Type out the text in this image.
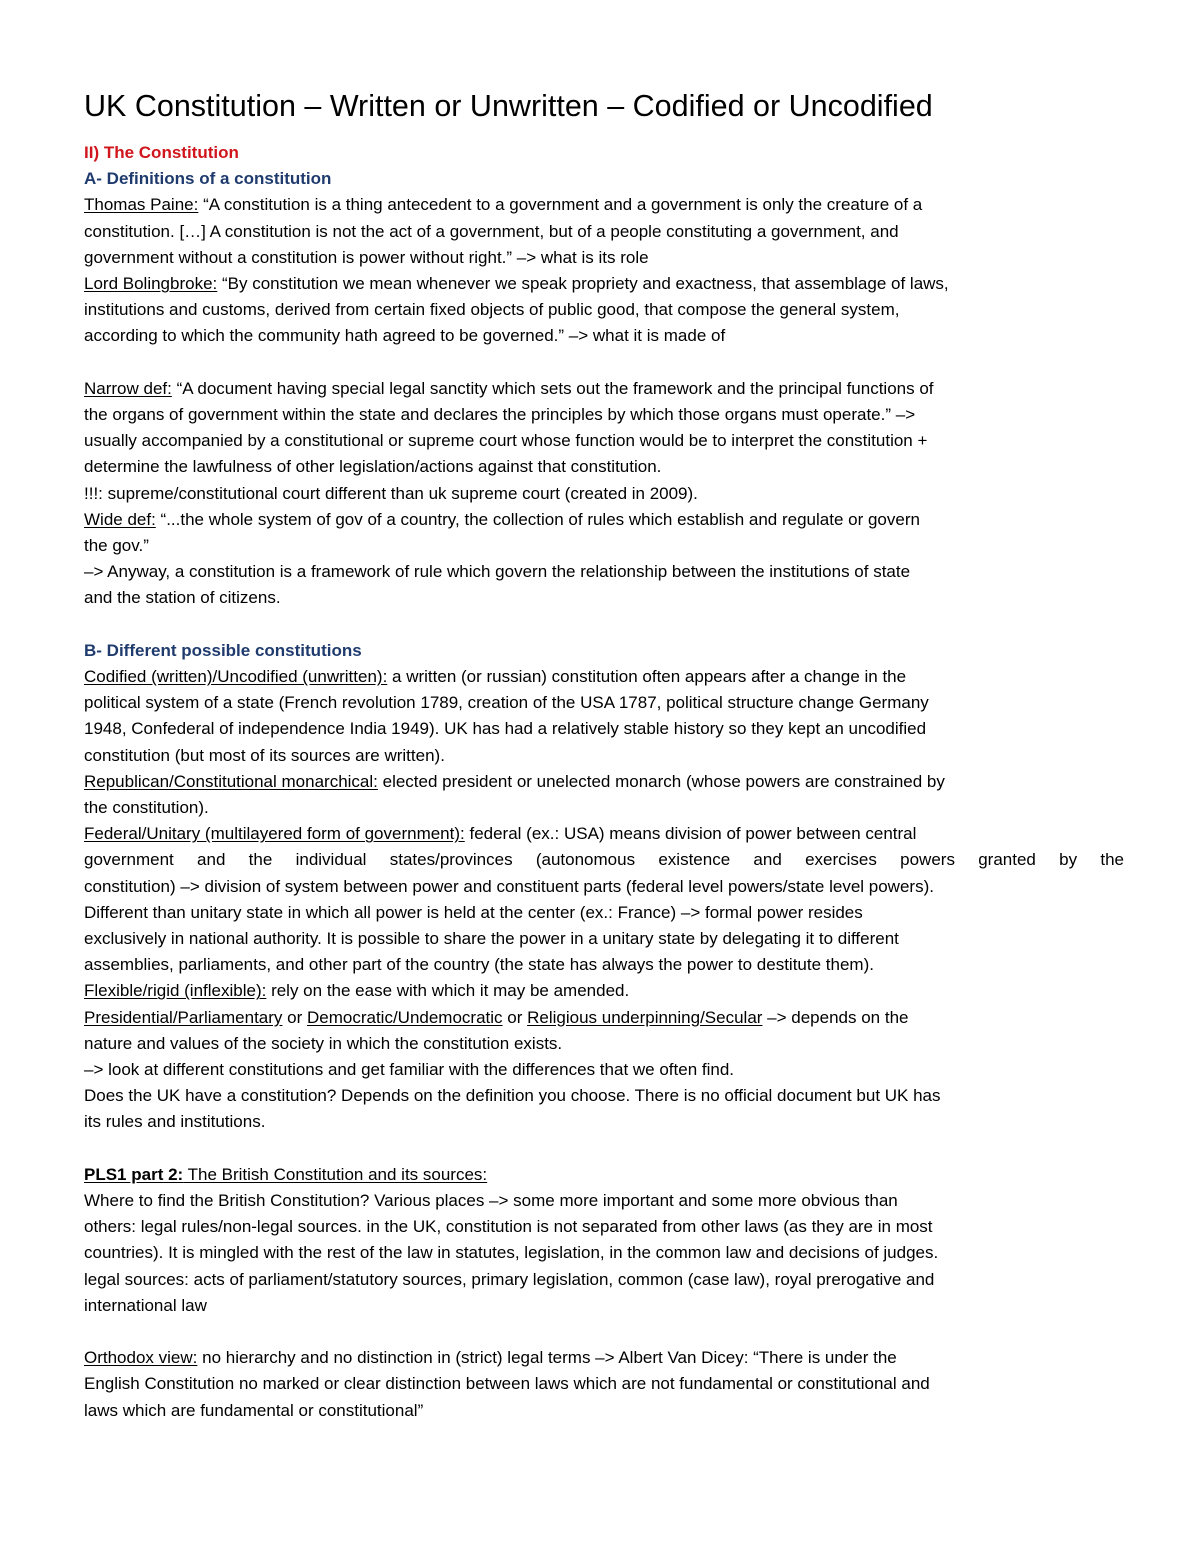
UK Constitution – Written or Unwritten – Codified or Uncodified

II) The Constitution

A- Definitions of a constitution

Thomas Paine: “A constitution is a thing antecedent to a government and a government is only the creature of a
constitution. […] A constitution is not the act of a government, but of a people constituting a government, and
government without a constitution is power without right.” –> what is its role

Lord Bolingbroke: “By constitution we mean whenever we speak propriety and exactness, that assemblage of laws,
institutions and customs, derived from certain fixed objects of public good, that compose the general system,
according to which the community hath agreed to be governed.” –> what it is made of

Narrow def: “A document having special legal sanctity which sets out the framework and the principal functions of
the organs of government within the state and declares the principles by which those organs must operate.” –>
usually accompanied by a constitutional or supreme court whose function would be to interpret the constitution +
determine the lawfulness of other legislation/actions against that constitution.
!!!: supreme/constitutional court different than uk supreme court (created in 2009).

Wide def: “...the whole system of gov of a country, the collection of rules which establish and regulate or govern
the gov.”
–> Anyway, a constitution is a framework of rule which govern the relationship between the institutions of state
and the station of citizens.

B- Different possible constitutions

Codified (written)/Uncodified (unwritten): a written (or russian) constitution often appears after a change in the
political system of a state (French revolution 1789, creation of the USA 1787, political structure change Germany
1948, Confederal of independence India 1949). UK has had a relatively stable history so they kept an uncodified
constitution (but most of its sources are written).

Republican/Constitutional monarchical: elected president or unelected monarch (whose powers are constrained by
the constitution).

Federal/Unitary (multilayered form of government): federal (ex.: USA) means division of power between central

government and the individual states/provinces (autonomous existence and exercises powers granted by the
constitution) –> division of system between power and constituent parts (federal level powers/state level powers).
Different than unitary state in which all power is held at the center (ex.: France) –> formal power resides
exclusively in national authority. It is possible to share the power in a unitary state by delegating it to different
assemblies, parliaments, and other part of the country (the state has always the power to destitute them).

Flexible/rigid (inflexible): rely on the ease with which it may be amended.

Presidential/Parliamentary or Democratic/Undemocratic or Religious underpinning/Secular –> depends on the
nature and values of the society in which the constitution exists.
–> look at different constitutions and get familiar with the differences that we often find.
Does the UK have a constitution? Depends on the definition you choose. There is no official document but UK has
its rules and institutions.

PLS1 part 2: The British Constitution and its sources:
Where to find the British Constitution? Various places –> some more important and some more obvious than
others: legal rules/non-legal sources. in the UK, constitution is not separated from other laws (as they are in most
countries). It is mingled with the rest of the law in statutes, legislation, in the common law and decisions of judges.
legal sources: acts of parliament/statutory sources, primary legislation, common (case law), royal prerogative and
international law

Orthodox view: no hierarchy and no distinction in (strict) legal terms –> Albert Van Dicey: “There is under the
English Constitution no marked or clear distinction between laws which are not fundamental or constitutional and
laws which are fundamental or constitutional”
